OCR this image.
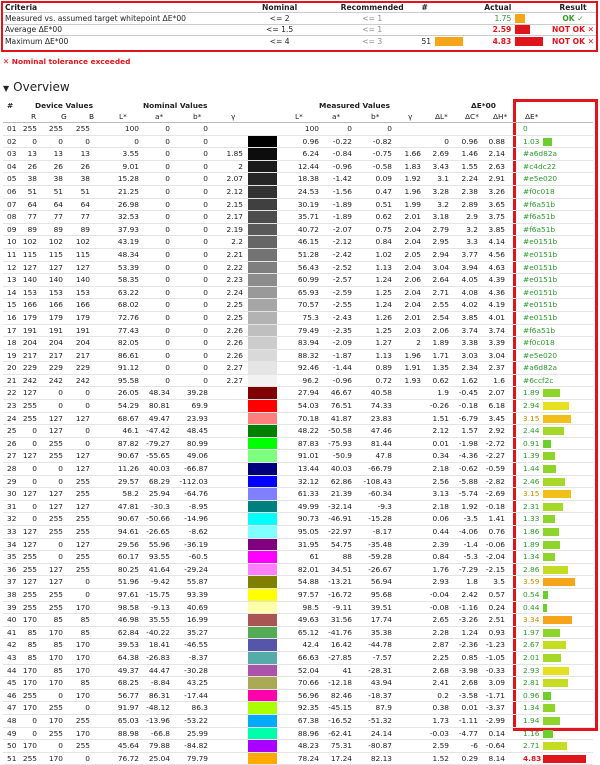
Criteria	Nominal	Recommended	#	Actual		Result
Measured vs. assumed target whitepoint ΔE*00	<= 2	<= 1		1.75		OK ✓
Average ΔE*00	<= 1.5	<= 1		2.59		NOT OK ✕
Maximum ΔE*00	<= 4	<= 3	51	4.83		NOT OK ✕
✕ Nominal tolerance exceeded
▼ Overview
#	Device Values	Nominal Values	Measured Values	ΔE*00
R	G	B	L*	a*	b*	γ	L*	a*	b*	γ	ΔL* ΔC* ΔH* ΔE*
01 255	255	255	100	0	0	100	0	0	0
02	0	0	0	0	0	0	0.96	-0.22	-0.82	0	0.96	0.88 1.03
03	13	13	13	3.55	0	0	1.85	6.24	-0.84	-0.75	1.66	2.69	1.46	2.14 #a6d82a
04	26	26	26	9.01	0	0	2	12.44	-0.96	-0.58	1.83	3.43	1.55	2.63 #c4dc22
05	38	38	38	15.28	0	0	2.07	18.38	-1.42	0.09	1.92	3.1	2.24	2.91 #e5e020
06	51	51	51	21.25	0	0	2.12	24.53	-1.56	0.47	1.96	3.28	2.38	3.26 #f0c018
07	64	64	64	26.98	0	0	2.15	30.19	-1.89	0.51	1.99	3.2	2.89	3.65 #f6a51b
08	77	77	77	32.53	0	0	2.17	35.71	-1.89	0.62	2.01	3.18	2.9	3.75 #f6a51b
09	89	89	89	37.93	0	0	2.19	40.72	-2.07	0.75	2.04	2.79	3.2	3.85 #f6a51b
10 102	102	102	43.19	0	0	2.2	46.15	-2.12	0.84	2.04	2.95	3.3	4.14 #e0151b
11 115	115	115	48.34	0	0	2.21	51.28	-2.42	1.02	2.05	2.94	3.77	4.56 #e0151b
12 127	127	127	53.39	0	0	2.22	56.43	-2.52	1.13	2.04	3.04	3.94	4.63 #e0151b
13 140	140	140	58.35	0	0	2.23	60.99	-2.57	1.24	2.06	2.64	4.05	4.39 #e0151b
14 153	153	153	63.22	0	0	2.24	65.93	-2.59	1.25	2.04	2.71	4.08	4.36 #e0151b
15 166	166	166	68.02	0	0	2.25	70.57	-2.55	1.24	2.04	2.55	4.02	4.19 #e0151b
16 179	179	179	72.76	0	0	2.25	75.3	-2.43	1.26	2.01	2.54	3.85	4.01 #e0151b
17 191	191	191	77.43	0	0	2.26	79.49	-2.35	1.25	2.03	2.06	3.74	3.74 #f6a51b
18 204	204	204	82.05	0	0	2.26	83.94	-2.09	1.27	2	1.89	3.38	3.39 #f0c018
19 217	217	217	86.61	0	0	2.26	88.32	-1.87	1.13	1.96	1.71	3.03	3.04 #e5e020
20 229	229	229	91.12	0	0	2.27	92.46	-1.44	0.89	1.91	1.35	2.34	2.37 #a6d82a
21 242	242	242	95.58	0	0	2.27	96.2	-0.96	0.72	1.93	0.62	1.62	1.6 #6ccf2c
22 127	0	0	26.05	48.34	39.28	27.94	46.67	40.58	1.9	-0.45	2.07 1.89
23 255	0	0	54.29	80.81	69.9	54.03	76.51	74.33	-0.26	-0.18	6.18 2.94
24 255	127	127	68.67	49.47	23.93	70.18	41.87	23.83	1.51	-6.79	3.45 3.15
25	0	127	0	46.1 -47.42	48.45	48.22	-50.58	47.46	2.12	1.57	2.92 2.44
26	0	255	0	87.82 -79.27	80.99	87.83	-75.93	81.44	0.01	-1.98	-2.72 0.91
27 127	255	127	90.67 -55.65	49.06	91.01	-50.9	47.8	0.34	-4.36	-2.27 1.39
28	0	0	127	11.26	40.03	-66.87	13.44	40.03	-66.79	2.18	-0.62	-0.59 1.44
29	0	0	255	29.57	68.29 -112.03	32.12	62.86 -108.43	2.56	-5.88	-2.82 2.46
30 127	127	255	58.2	25.94	-64.76	61.33	21.39	-60.34	3.13	-5.74	-2.69 3.15
31	0	127	127	47.81	-30.3	-8.95	49.99	-32.14	-9.3	2.18	1.92	-0.18 2.31
32	0	255	255	90.67 -50.66	-14.96	90.73	-46.91	-15.28	0.06	-3.5	1.41 1.33
33 127	255	255	94.61 -26.65	-8.62	95.05	-22.97	-8.17	0.44	-4.06	0.76 1.86
34 127	0	127	29.56	55.96	-36.19	31.95	54.75	-35.48	2.39	-1.4	-0.06 1.89
35 255	0	255	60.17	93.55	-60.5	61	88	-59.28	0.84	-5.3	-2.04 1.34
36 255	127	255	80.25	41.64	-29.24	82.01	34.51	-26.67	1.76	-7.29	-2.15 2.86
37 127	127	0	51.96	-9.42	55.87	54.88	-13.21	56.94	2.93	1.8	3.5 3.59
38 255	255	0	97.61 -15.75	93.39	97.57	-16.72	95.68	-0.04	2.42	0.57 0.54
39 255	255	170	98.58	-9.13	40.69	98.5	-9.11	39.51	-0.08	-1.16	0.24 0.44
40 170	85	85	46.98	35.55	16.99	49.63	31.56	17.74	2.65	-3.26	2.51 3.34
41	85	170	85	62.84 -40.22	35.27	65.12	-41.76	35.38	2.28	1.24	0.93 1.97
42	85	85	170	39.53	18.41	-46.55	42.4	16.42	-44.78	2.87	-2.36	-1.23 2.67
43	85	170	170	64.38 -26.83	-8.37	66.63	-27.85	-7.57	2.25	0.85	-1.05 2.01
44 170	85	170	49.37	44.47	-30.28	52.04	41	-28.31	2.68	-3.98	-0.33 2.93
45 170	170	85	68.25	-8.84	43.25	70.66	-12.18	43.94	2.41	2.68	3.09 2.81
46 255	0	170	56.77	86.31	-17.44	56.96	82.46	-18.37	0.2	-3.58	-1.71 0.96
47 170	255	0	91.97 -48.12	86.3	92.35	-45.15	87.9	0.38	0.01	-3.37 1.34
48	0	170	255	65.03 -13.96	-53.22	67.38	-16.52	-51.32	1.73	-1.11	-2.99 1.94
49	0	255	170	88.98	-66.8	25.99	88.96	-62.41	24.14	-0.03	-4.77	0.14 1.16
50 170	0	255	45.64	79.88	-84.82	48.23	75.31	-80.87	2.59	-6	-0.64 2.71
51 255	170	0	76.72	25.04	79.79	78.24	17.24	82.13	1.52	0.29	8.14 4.83
